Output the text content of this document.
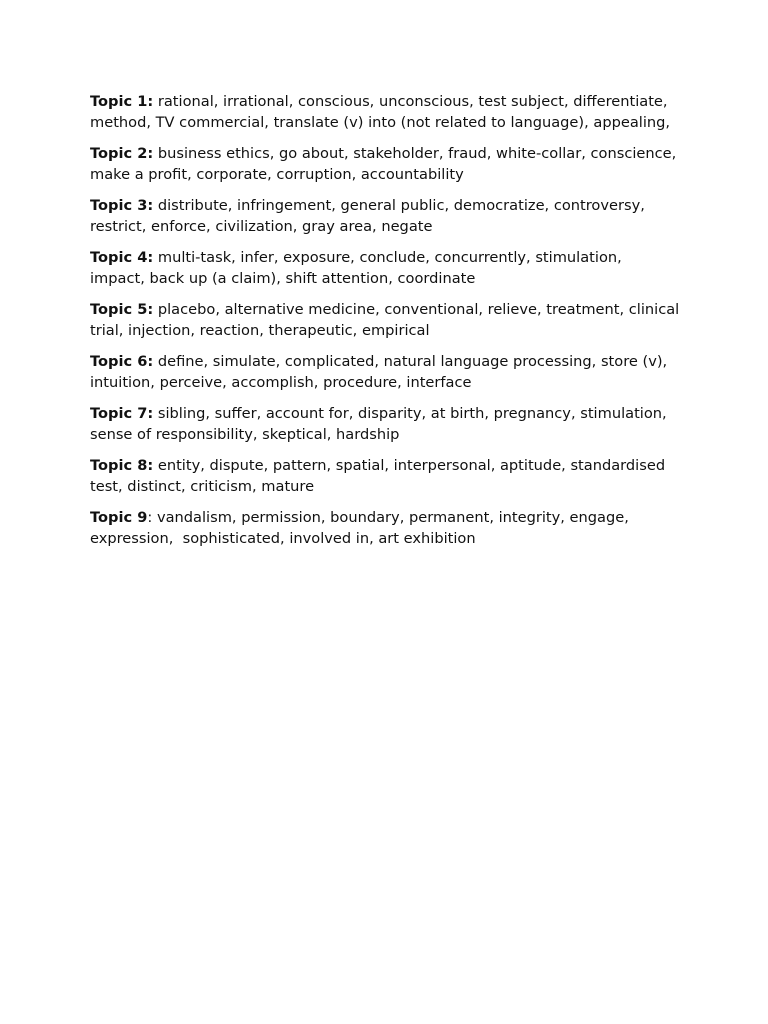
Topic 1: rational, irrational, conscious, unconscious, test subject, differentiate, method, TV commercial, translate (v) into (not related to language), appealing,

Topic 2: business ethics, go about, stakeholder, fraud, white-collar, conscience, make a profit, corporate, corruption, accountability

Topic 3: distribute, infringement, general public, democratize, controversy, restrict, enforce, civilization, gray area, negate

Topic 4: multi-task, infer, exposure, conclude, concurrently, stimulation, impact, back up (a claim), shift attention, coordinate

Topic 5: placebo, alternative medicine, conventional, relieve, treatment, clinical trial, injection, reaction, therapeutic, empirical

Topic 6: define, simulate, complicated, natural language processing, store (v), intuition, perceive, accomplish, procedure, interface

Topic 7: sibling, suffer, account for, disparity, at birth, pregnancy, stimulation, sense of responsibility, skeptical, hardship

Topic 8: entity, dispute, pattern, spatial, interpersonal, aptitude, standardised test, distinct, criticism, mature

Topic 9: vandalism, permission, boundary, permanent, integrity, engage, expression,  sophisticated, involved in, art exhibition
